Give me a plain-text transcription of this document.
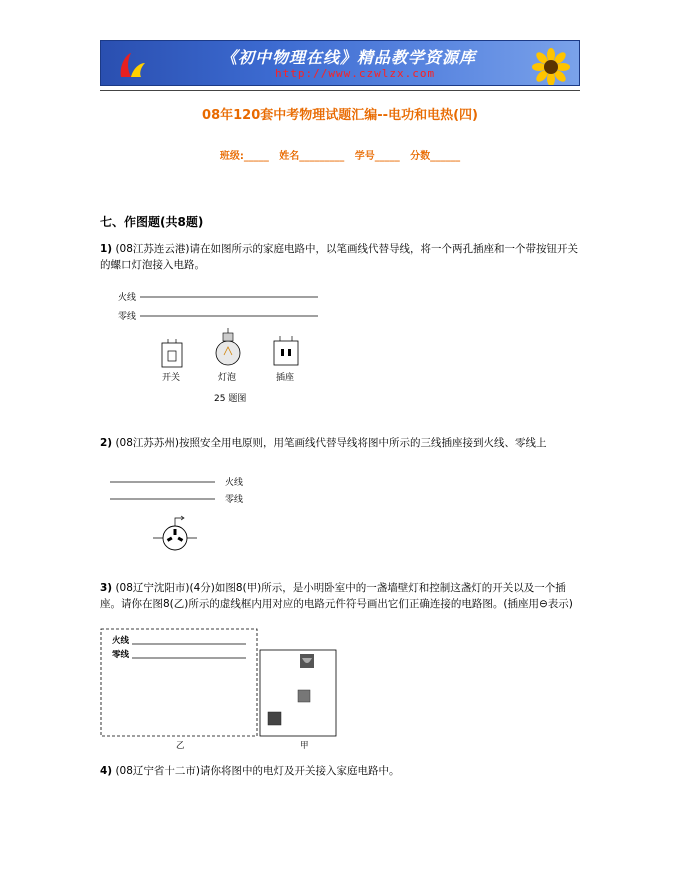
《初中物理在线》精品教学资源库
http://www.czwlzx.com
08年120套中考物理试题汇编--电功和电热(四)
班级:_____   姓名_________   学号_____   分数______
七、作图题(共8题)
1) (08江苏连云港)请在如图所示的家庭电路中，以笔画线代替导线，将一个两孔插座和一个带按钮开关的螺口灯泡接入电路。
火线
零线
开关	灯泡	插座
25 题图
2) (08江苏苏州)按照安全用电原则，用笔画线代替导线将图中所示的三线插座接到火线、零线上
火线
零线
3) (08辽宁沈阳市)(4分)如图8(甲)所示，是小明卧室中的一盏墙壁灯和控制这盏灯的开关以及一个插座。请你在图8(乙)所示的虚线框内用对应的电路元件符号画出它们正确连接的电路图。(插座用⊖表示)
火线
零线
乙	甲
4) (08辽宁省十二市)请你将图中的电灯及开关接入家庭电路中。
